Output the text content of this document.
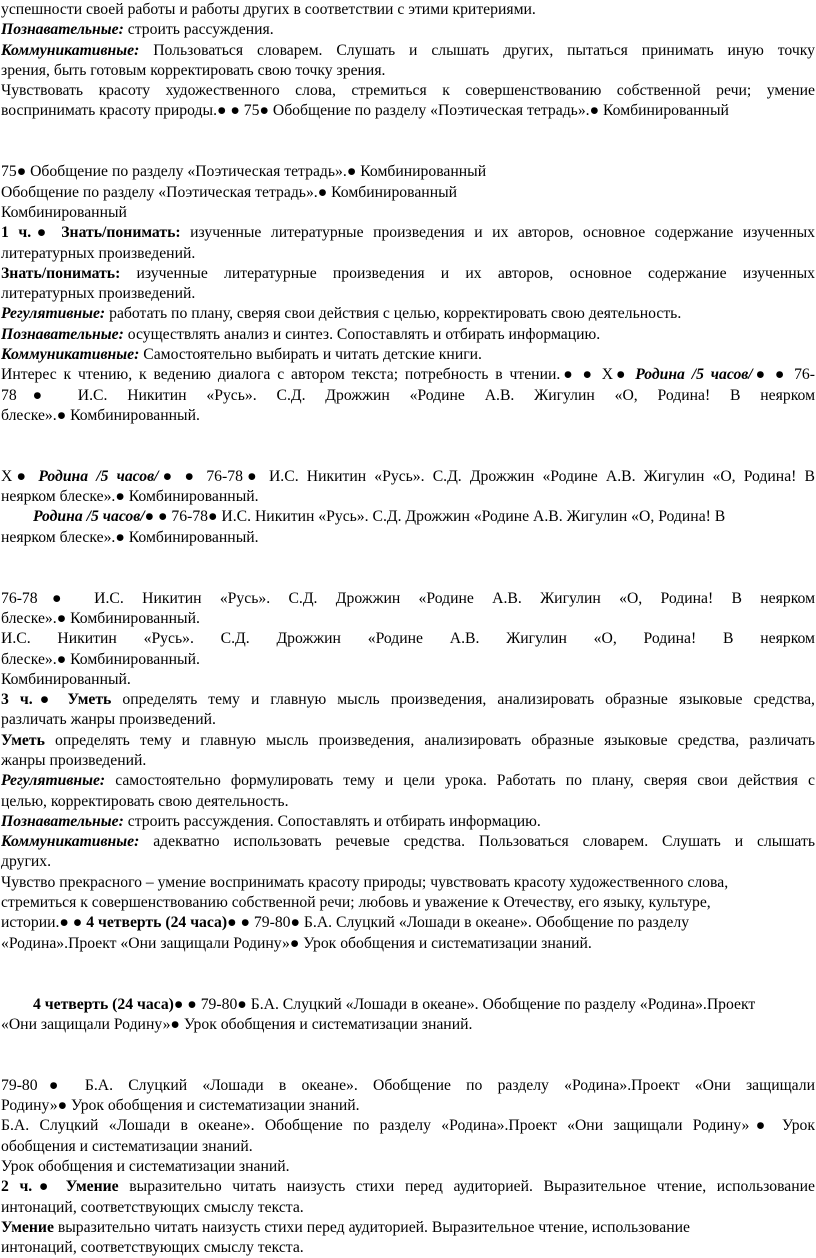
успешности своей работы и работы других в соответствии с этими критериями.
Познавательные: строить рассуждения.
Коммуникативные: Пользоваться словарем. Слушать и слышать других, пытаться принимать иную точку
зрения, быть готовым корректировать свою точку зрения.
Чувствовать красоту художественного слова, стремиться к совершенствованию собственной речи; умение
воспринимать красоту природы.● ● 75● Обобщение по разделу «Поэтическая тетрадь».● Комбинированный
75● Обобщение по разделу «Поэтическая тетрадь».● Комбинированный
Обобщение по разделу «Поэтическая тетрадь».● Комбинированный
Комбинированный
1 ч.● Знать/понимать: изученные литературные произведения и их авторов, основное содержание изученных
литературных произведений.
Знать/понимать: изученные литературные произведения и их авторов, основное содержание изученных
литературных произведений.
Регулятивные: работать по плану, сверяя свои действия с целью, корректировать свою деятельность.
Познавательные: осуществлять анализ и синтез. Сопоставлять и отбирать информацию.
Коммуникативные: Самостоятельно выбирать и читать детские книги.
Интерес к чтению, к ведению диалога с автором текста; потребность в чтении.● ● Х● Родина /5 часов/● ● 76-
78● И.С. Никитин «Русь». С.Д. Дрожжин «Родине А.В. Жигулин «О, Родина! В неярком
блеске».● Комбинированный.
Х● Родина /5 часов/● ● 76-78● И.С. Никитин «Русь». С.Д. Дрожжин «Родине А.В. Жигулин «О, Родина! В
неярком блеске».● Комбинированный.
Родина /5 часов/● ● 76-78● И.С. Никитин «Русь». С.Д. Дрожжин «Родине А.В. Жигулин «О, Родина! В
неярком блеске».● Комбинированный.
76-78● И.С. Никитин «Русь». С.Д. Дрожжин «Родине А.В. Жигулин «О, Родина! В неярком
блеске».● Комбинированный.
И.С. Никитин «Русь». С.Д. Дрожжин «Родине А.В. Жигулин «О, Родина! В неярком
блеске».● Комбинированный.
Комбинированный.
3 ч.● Уметь определять тему и главную мысль произведения, анализировать образные языковые средства,
различать жанры произведений.
Уметь определять тему и главную мысль произведения, анализировать образные языковые средства, различать
жанры произведений.
Регулятивные: самостоятельно формулировать тему и цели урока. Работать по плану, сверяя свои действия с
целью, корректировать свою деятельность.
Познавательные: строить рассуждения. Сопоставлять и отбирать информацию.
Коммуникативные: адекватно использовать речевые средства. Пользоваться словарем. Слушать и слышать
других.
Чувство прекрасного – умение воспринимать красоту природы; чувствовать красоту художественного слова,
стремиться к совершенствованию собственной речи; любовь и уважение к Отечеству, его языку, культуре,
истории.● ● 4 четверть (24 часа)● ● 79-80● Б.А. Слуцкий «Лошади в океане». Обобщение по разделу
«Родина».Проект «Они защищали Родину»● Урок обобщения и систематизации знаний.
4 четверть (24 часа)● ● 79-80● Б.А. Слуцкий «Лошади в океане». Обобщение по разделу «Родина».Проект
«Они защищали Родину»● Урок обобщения и систематизации знаний.
79-80● Б.А. Слуцкий «Лошади в океане». Обобщение по разделу «Родина».Проект «Они защищали
Родину»● Урок обобщения и систематизации знаний.
Б.А. Слуцкий «Лошади в океане». Обобщение по разделу «Родина».Проект «Они защищали Родину»● Урок
обобщения и систематизации знаний.
Урок обобщения и систематизации знаний.
2 ч.● Умение выразительно читать наизусть стихи перед аудиторией. Выразительное чтение, использование
интонаций, соответствующих смыслу текста.
Умение выразительно читать наизусть стихи перед аудиторией. Выразительное чтение, использование
интонаций, соответствующих смыслу текста.
